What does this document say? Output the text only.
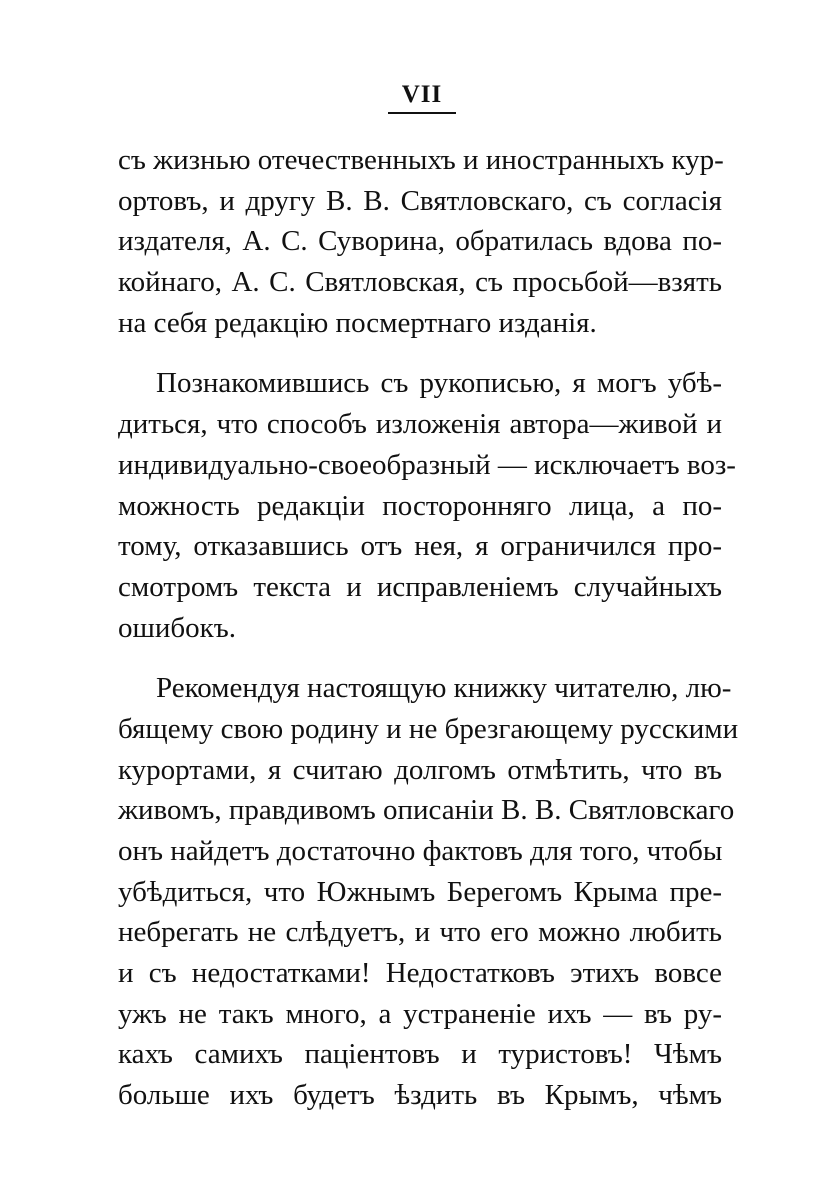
VII
съ жизнью отечественныхъ и иностранныхъ кур-
ортовъ, и другу В. В. Святловскаго, съ согласія
издателя, А. С. Суворина, обратилась вдова по-
койнаго, А. С. Святловская, съ просьбой—взять
на себя редакцію посмертнаго изданія.
Познакомившись съ рукописью, я могъ убѣ-
диться, что способъ изложенія автора—живой и
индивидуально-своеобразный — исключаетъ воз-
можность редакціи посторонняго лица, а по-
тому, отказавшись отъ нея, я ограничился про-
смотромъ текста и исправленіемъ случайныхъ
ошибокъ.
Рекомендуя настоящую книжку читателю, лю-
бящему свою родину и не брезгающему русскими
курортами, я считаю долгомъ отмѣтить, что въ
живомъ, правдивомъ описаніи В. В. Святловскаго
онъ найдетъ достаточно фактовъ для того, чтобы
убѣдиться, что Южнымъ Берегомъ Крыма пре-
небрегать не слѣдуетъ, и что его можно любить
и съ недостатками! Недостатковъ этихъ вовсе
ужъ не такъ много, а устраненіе ихъ — въ ру-
кахъ самихъ паціентовъ и туристовъ! Чѣмъ
больше ихъ будетъ ѣздить въ Крымъ, чѣмъ
